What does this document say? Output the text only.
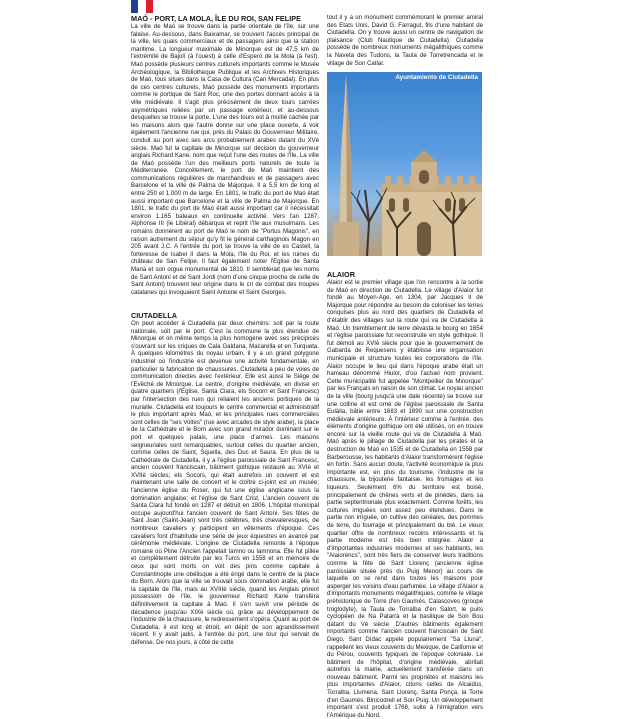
MAÓ - PORT, LA MOLA, ÎLE DU ROI, SAN FELIPE

La ville de Maó se trouve dans la partie orientale de l'île, sur une falaise. Au-dessous, dans Baixamar, se trouvent l'accès principal de la ville, les quais commerciaux et de passagers ainsi que la station maritime. La longueur maximale de Minorque est de 47,5 km de l'extrémité de Bajolí (à l'ouest) à celle d'Esperó de la Mola (à l'est). Maó possède plusieurs centres culturels importants comme le Musée Archéologique, la Bibliothèque Publique et les Archives Historiques de Maó, tous situés dans la Casa de Cultura (Can Mercadal). En plus de ces centres culturels, Maó possède des monuments importants comme le portique de Sant Roc, une des portes donnant accès à la ville médiévale. Il s'agit plus précisément de deux tours carrées asymétriques reliées par un passage extérieur, et au-dessous desquelles se trouve la porte. L'une des tours est à moitié cachée par les maisons alors que l'autre donne sur une place ouverte, à voir également l'ancienne rue qui, près du Palais du Gouverneur Militaire, conduit au port avec ses arcs probablement arabes datant du XVè siècle. Maó fut la capitale de Minorque sur décision du gouverneur anglais Richard Kane, nom que reçut l'une des routes de l'île. La ville de Maó possède l'un des meilleurs ports naturels de toute la Méditerranée. Concrètement, le port de Maó maintient des communications régulières de marchandises et de passagers avec Barcelone et la ville de Palma de Majorque. Il a 5,5 km de long et entre 250 et 1.000 m de large. En 1801, le trafic du port de Maó était aussi important que Barcelone et la ville de Palma de Majorque. En 1801, le trafic du port de Maó était aussi important car il nécessitait environ 1.165 bateaux en continuelle activité. Vers l'an 1287, Alphonse III (le Libéral) débarqua et reprit l'île aux musulmans. Les romains donnèrent au port de Maó le nom de "Portus Magonis", en raison autrement du séjour qu'y fit le général carthaginois Magon en 205 avant J.C. A l'entrée du port se trouve la ville de es Castell, la forteresse de Isabel II dans la Mola, l'île du Roi, et les ruines du château de San Felipe. Il faut également noter l'Eglise de Santa Maria et son orgue monumental de 1810. Il semblerait que les noms de Sant Antoni et de Sant Jordi (nom d'une cinque proche de celle de Sant Antoni) trouvent leur origine dans le cri de combat des troupes catalanes qui invoquaient Saint Antoine et Saint Georges.

tout il y a un monument commémorant le premier amiral des Etats Unis, David G. Farragut, fils d'une habitant de Ciutadella. On y trouve aussi un centre de navigation de plaisance (Club Nautique de Ciutadella). Ciutadella possède de nombreux monuments mégalithiques comme la Naveta des Tudons, la Taula de Torretrencada et le village de Son Catlar.

Ayuntamiento de Ciutadella

CIUTADELLA

On peut accéder à Ciutadella par deux chemins: soit par la route nationale, soit par le port. C'est la commune la plus étendue de Minorque et on même temps la plus homogène avec ses précipices s'ouvrant sur les criques de Cala Galdana, Macarella et en Turqueta. À quelques kilomètres du noyau urbain, il y a un grand polygone industriel où l'industrie est devenue une activité fondamentale, en particulier la fabrication de chaussures. Ciutadella a peu de voies de communication directes avec l'extérieur. Elle est aussi le Siège de l'Evêché de Minorque. Le centre, d'origine médiévale, en divisé en quatre quartiers (l'Eglise, Santa Clara, els Socorri et Sant Francesc) par l'intersection des rues qui reliaient les anciens portiques de la muraille. Ciutadella est toujours le centre commercial et administratif le plus important après Maó, et les principales rues commerciales sont celles de "ses Voltes" (rue avec arcades de style arabe), la place de la Cathédrale et le Born avec son grand mirador dominant sur le port et quelques palais, une place d'armes. Les maisons seigneuriales sont remarquables, surtout celles du quartier ancien, comme celles de Saint, Squella, des Duc et Saura. En plus de la Cathédrale de Ciutadella, il y a l'église paroissiale de Sant Francesc, ancien couvent franciscain, bâtiment gothique restauré au XVIè et XVIIè siècles; els Socors, qui était autrefois un couvent et est maintenant une salle de concert et le cloître ci-joint est un musée; l'ancienne église du Roser, qui fut une église anglicane sous la domination anglaise; et l'église de Sant Crist. L'ancien couvent de Santa Clara fut fondé en 1287 et détruit en 1806. L'hôpital municipal occupe aujourd'hui l'ancien couvent de Sant Antoni. Ses fêtes de Sant Joan (Saint-Jean) sont très célèbres, très chevaleresques, de nombreux cavaliers y participent en vêtements d'époque. Ces cavaliers font d'habitude une série de jeux équestres en avancé par cérémonie médiévale. L'origine de Ciutadella remonte à l'époque romaine où Pline l'Ancien l'appelait Iamno ou Iamnona. Elle fut pillée et complètement détruite par les Turcs en 1558 et en mémoire de ceux qui sont morts on voit des pins comme capitale à Constantinople une obélisque a été érigé dans le centre de la place du Born. Alors que la ville se trouvait sous domination arabe, elle fut la capitale de l'île, mais au XVIIIè siècle, quand les Anglais prirent possession de l'île, le gouverneur Richard Kane transféra définitivement la capitale à Maó. Il s'en suivit une période de décadence jusqu'au XIXè siècle où, grâce au développement de l'industrie de la chaussure, le redressement s'opéra. Quant au port de Ciutadella, il est long et étroit, en dépit de son agrandissement récent. Il y avait jadis, à l'entrée du port, une tour qui servait de défense. De nos jours, à côté de cette

ALAIOR

Alaior est le premier village que l'on rencontre à la sortie de Maó en direction de Ciutadella. Le village d'Alaior fut fondé au Moyen-Age, en 1304, par Jacques II de Majorque pour répondre au besoin de coloniser les terres conquises plus au nord des quartiers de Ciutadella et d'établir des villages sur la route qui va de Ciutadella à Maó. Un tremblement de terre dévasta le bourg en 1654 et l'église paroissiale fut reconstruite en style gothique. Il fut démoli au XVIè siècle pour que le gouvernement de Gabarda de Requesens y établisse une organisation municipale et structure toutes les corporations de l'île. Alaior occupe le lieu qui dans l'époque arabe était un hameau dénommé Hiulor, d'où l'actuel nom provient. Cette municipalité fut appelée "Montpellier de Minorque" par les Français en raison de son climat. Le noyau ancien de la ville (bourg jusqu'à une date récente) se trouve sur une colline et est orné de l'église paroissiale de Santa Eulàlia, bâtie entre 1683 et 1690 sur une construction médiévale antérieure. À l'intérieur comme à l'entrée, des éléments d'origine gothique ont été utilisés, on en trouve encore sur la vieille route qui va de Ciutadella à Maó. Maó après le pillage de Ciutadella par les pirates et la destruction de Maó en 1535 et de Ciutadella en 1558 par Barberousse, les habitants d'Alaior transformèrent l'église en fortin. Sans aucun doute, l'activité économique la plus importante est, en plus du tourisme, l'industrie de la chaussure, la bijouterie fantaisie, les fromages et les liqueurs. Seulement 6% du territoire est boisé, principalement de chênes verts et de pinèdes, dans sa partie septentrionale plus exactement. Comme forêts, les cultures irriguées sont assez peu étendues. Dans le partie non irriguée, on cultive des céréales, des pommes de terre, du fourrage et principalement du blé. Le vieux quartier offre de nombreux recoins intéressants et la partie moderne est très bien intégrée. Alaior a d'importantes industries modernes et ses habitants, les "Alaiorencs", sont très fiers de conserver leurs traditions comme la fête de Sant Llorenç (ancienne église paroissiale située près du Puig Menor) au cours de laquelle on se rend dans toutes les maisons pour asperger les voisins d'eau parfumée. Le village d'Alaior a d'importants monuments mégalithiques, comme le village préhistorique de Torre d'en Gaumés, Calascoves (groupe troglodyte), la Taula de Torralba d'en Salort, le puits cyclopéen de Na Patarrà et la basilique de Son Bou datant du Vè siècle. D'autres bâtiments également importants comme l'ancien couvent franciscain de Sant Diego, Sant Dídac appelé populairement "Sa Lluna", rappellent les vieux couvents du Mexique, de Californie et du Pérou, couvents typiques de l'époque coloniale. Le bâtiment de l'hôpital, d'origine médiévale, abritait autrefois la mairie, actuellement transférée dans un nouveau bâtiment. Parmi les propriétés et maisons les plus importantes d'Alaior, citons celles de Alcaidús, Torralba, Llumena, Sant Llorenç, Santa Ponça, la Torre d'en Gaumés, Binicodrell et Son Puig. Un développement important s'est produit 1768, suite à l'émigration vers l'Amérique du Nord.
